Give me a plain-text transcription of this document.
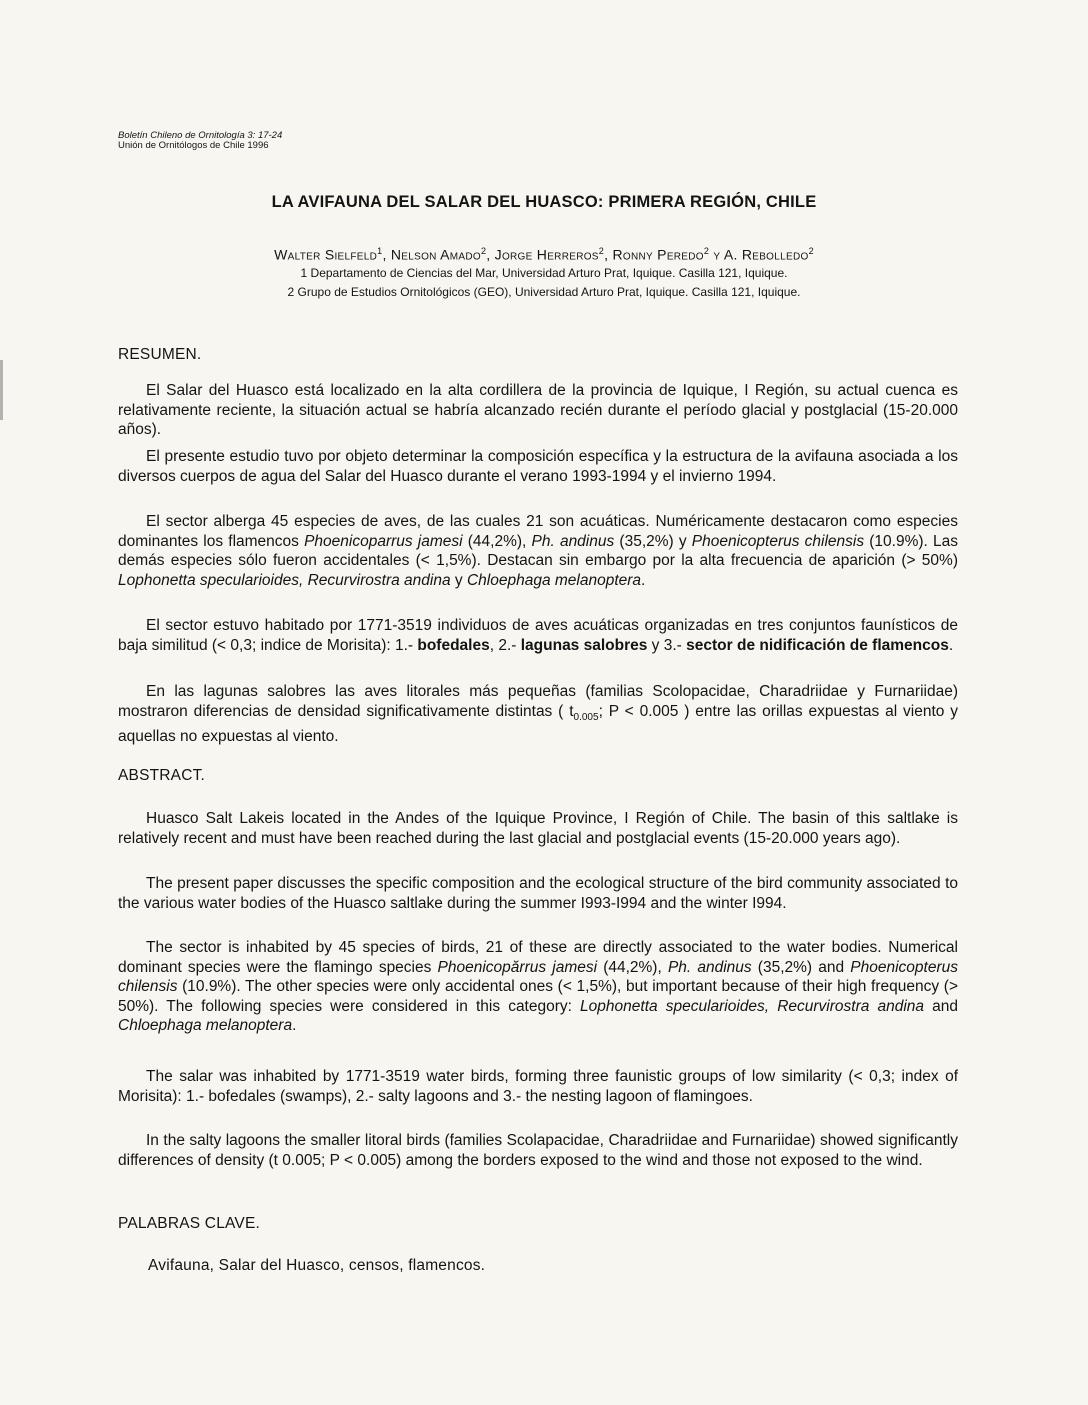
Boletín Chileno de Ornitología 3: 17-24
Unión de Ornitólogos de Chile 1996
LA AVIFAUNA DEL SALAR DEL HUASCO: PRIMERA REGIÓN, CHILE
Walter Sielfeld$^1$, Nelson Amado$^2$, Jorge Herreros$^2$, Ronny Peredo$^2$ y A. Rebolledo$^2$
1 Departamento de Ciencias del Mar, Universidad Arturo Prat, Iquique. Casilla 121, Iquique.
2 Grupo de Estudios Ornitológicos (GEO), Universidad Arturo Prat, Iquique. Casilla 121, Iquique.
RESUMEN.

El Salar del Huasco está localizado en la alta cordillera de la provincia de Iquique, I Región, su actual cuenca es relativamente reciente, la situación actual se habría alcanzado recién durante el período glacial y postglacial (15-20.000 años).

El presente estudio tuvo por objeto determinar la composición específica y la estructura de la avifauna asociada a los diversos cuerpos de agua del Salar del Huasco durante el verano 1993-1994 y el invierno 1994.

El sector alberga 45 especies de aves, de las cuales 21 son acuáticas. Numéricamente destacaron como especies dominantes los flamencos Phoenicoparrus jamesi (44,2%), Ph. andinus (35,2%) y Phoenicopterus chilensis (10.9%). Las demás especies sólo fueron accidentales (< 1,5%). Destacan sin embargo por la alta frecuencia de aparición (> 50%) Lophonetta specularioides, Recurvirostra andina y Chloephaga melanoptera.

El sector estuvo habitado por 1771-3519 individuos de aves acuáticas organizadas en tres conjuntos faunísticos de baja similitud (< 0,3; indice de Morisita): 1.- bofedales, 2.- lagunas salobres y 3.- sector de nidificación de flamencos.

En las lagunas salobres las aves litorales más pequeñas (familias Scolopacidae, Charadriidae y Furnariidae) mostraron diferencias de densidad significativamente distintas ( $t_{0.005}$; P < 0.005 ) entre las orillas expuestas al viento y aquellas no expuestas al viento.

ABSTRACT.

Huasco Salt Lakeis located in the Andes of the Iquique Province, I Región of Chile. The basin of this saltlake is relatively recent and must have been reached during the last glacial and postglacial events (15-20.000 years ago).

The present paper discusses the specific composition and the ecological structure of the bird community associated to the various water bodies of the Huasco saltlake during the summer I993-I994 and the winter I994.

The sector is inhabited by 45 species of birds, 21 of these are directly associated to the water bodies. Numerical dominant species were the flamingo species Phoenicopărrus jamesi (44,2%), Ph. andinus (35,2%) and Phoenicopterus chilensis (10.9%). The other species were only accidental ones (< 1,5%), but important because of their high frequency (> 50%). The following species were considered in this category: Lophonetta specularioides, Recurvirostra andina and Chloephaga melanoptera.

The salar was inhabited by 1771-3519 water birds, forming three faunistic groups of low similarity (< 0,3; index of Morisita): 1.- bofedales (swamps), 2.- salty lagoons and 3.- the nesting lagoon of flamingoes.

In the salty lagoons the smaller litoral birds (families Scolapacidae, Charadriidae and Furnariidae) showed significantly differences of density (t 0.005; P < 0.005) among the borders exposed to the wind and those not exposed to the wind.

PALABRAS CLAVE.
Avifauna, Salar del Huasco, censos, flamencos.
